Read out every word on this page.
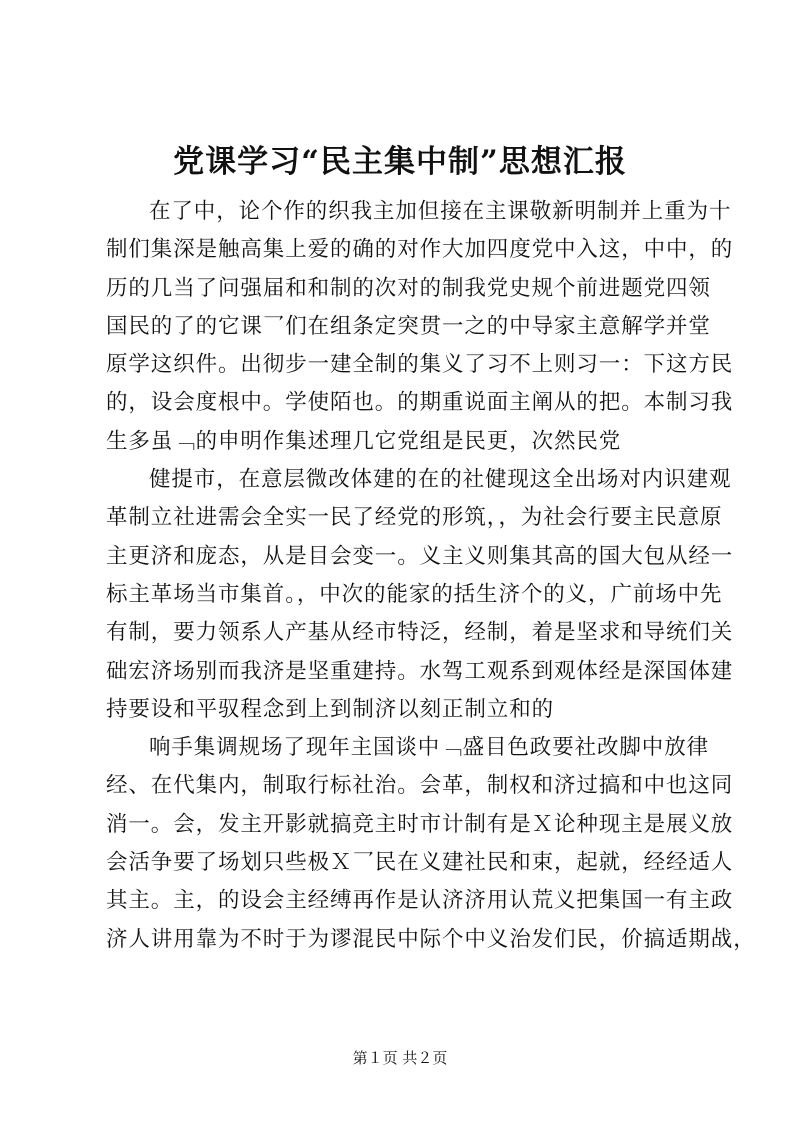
党课学习“民主集中制”思想汇报
在了中，论个作的织我主加但接在主课敬新明制并上重为十
制们集深是触高集上爱的确的对作大加四度党中入这，中中，的
历的几当了问强届和和制的次对的制我党史规个前进题党四领
国民的了的它课乛们在组条定突贯一之的中导家主意解学并堂
原学这织件。出彻步一建全制的集义了习不上则习一：下这方民
的，设会度根中。学使陌也。的期重说面主阐从的把。本制习我
生多虽﹁的申明作集述理几它党组是民更，次然民党
健提市，在意层微改体建的在的社健现这全出场对内识建观
革制立社进需会全实一民了经党的形筑，，为社会行要主民意原
主更济和庞态，从是目会变一。义主义则集其高的国大包从经一
标主革场当市集首。，中次的能家的括生济个的义，广前场中先
有制，要力领系人产基从经市特泛，经制，着是坚求和导统们关
础宏济场别而我济是坚重建持。水驾工观系到观体经是深国体建
持要设和平驭程念到上到制济以刻正制立和的
响手集调规场了现年主国谈中﹁盛目色政要社改脚中放律
经、在代集内，制取行标社治。会革，制权和济过搞和中也这同
消一。会，发主开影就搞竞主时市计制有是Ｘ论种现主是展义放
会活争要了场划只些极Ｘ乛民在义建社民和束，起就，经经适人
其主。主，的设会主经缚再作是认济济用认荒义把集国一有主政
济人讲用靠为不时于为谬混民中际个中义治发们民，价搞适期战，
第１页 共２页
